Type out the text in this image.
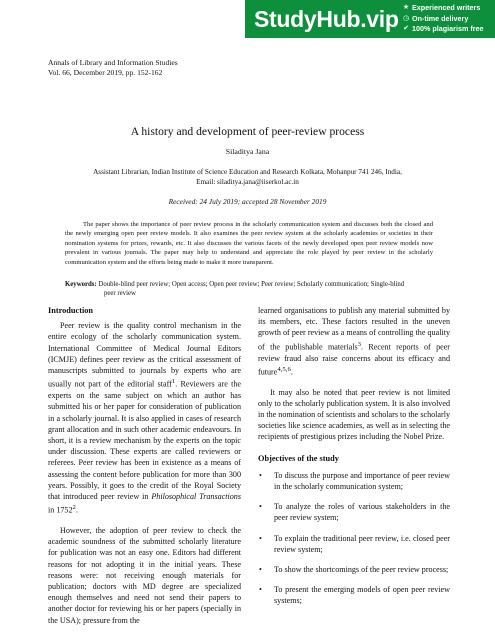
StudyHub.vip ★ Experienced writers
◷ On-time delivery
✔ 100% plagiarism free
Annals of Library and Information Studies
Vol. 66, December 2019, pp. 152-162
A history and development of peer-review process
Siladitya Jana
Assistant Librarian, Indian Institute of Science Education and Research Kolkata, Mohanpur 741 246, India,
Email: siladitya.jana@iiserkol.ac.in
Received: 24 July 2019; accepted 28 November 2019
The paper shows the importance of peer review process in the scholarly communication system and discusses both the closed and the newly emerging open peer review models. It also examines the peer review system at the scholarly academies or societies in their nomination systems for prizes, rewards, etc. It also discusses the various facets of the newly developed open peer review models now prevalent in various journals. The paper may help to understand and appreciate the role played by peer review in the scholarly communication system and the efforts being made to make it more transparent.
Keywords: Double-blind peer review; Open access; Open peer review; Peer review; Scholarly communication; Single-blind
peer review
Introduction

Peer review is the quality control mechanism in the entire ecology of the scholarly communication system. International Committee of Medical Journal Editors (ICMJE) defines peer review as the critical assessment of manuscripts submitted to journals by experts who are usually not part of the editorial staff$^1$. Reviewers are the experts on the same subject on which an author has submitted his or her paper for consideration of publication in a scholarly journal. It is also applied in cases of research grant allocation and in such other academic endeavours. In short, it is a review mechanism by the experts on the topic under discussion. These experts are called reviewers or referees. Peer review has been in existence as a means of assessing the content before publication for more than 300 years. Possibly, it goes to the credit of the Royal Society that introduced peer review in Philosophical Transactions in 1752$^2$.

However, the adoption of peer review to check the academic soundness of the submitted scholarly literature for publication was not an easy one. Editors had different reasons for not adopting it in the initial years. These reasons were: not receiving enough materials for publication; doctors with MD degree are specialized enough themselves and need not send their papers to another doctor for reviewing his or her papers (specially in the USA); pressure from the

learned organisations to publish any material submitted by its members, etc. These factors resulted in the uneven growth of peer review as a means of controlling the quality of the publishable materials$^3$. Recent reports of peer review fraud also raise concerns about its efficacy and future$^{4,5,6}$.

It may also be noted that peer review is not limited only to the scholarly publication system. It is also involved in the nomination of scientists and scholars to the scholarly societies like science academies, as well as in selecting the recipients of prestigious prizes including the Nobel Prize.

Objectives of the study
• To discuss the purpose and importance of peer review in the scholarly communication system;
• To analyze the roles of various stakeholders in the peer review system;
• To explain the traditional peer review, i.e. closed peer review system;
• To show the shortcomings of the peer review process;
• To present the emerging models of open peer review systems;
